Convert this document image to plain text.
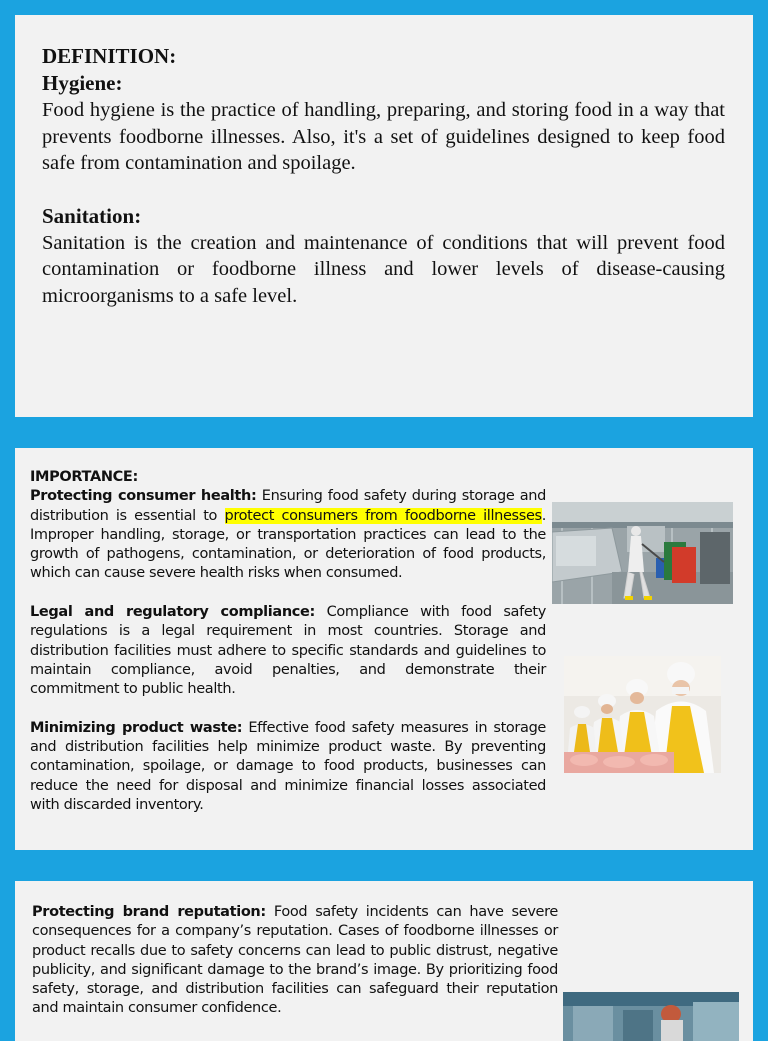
DEFINITION:
Hygiene:

Food hygiene is the practice of handling, preparing, and storing food in a way that prevents foodborne illnesses. Also, it's a set of guidelines designed to keep food safe from contamination and spoilage.

Sanitation:

Sanitation is the creation and maintenance of conditions that will prevent food contamination or foodborne illness and lower levels of disease-causing microorganisms to a safe level.

IMPORTANCE:

Protecting consumer health: Ensuring food safety during storage and distribution is essential to protect consumers from foodborne illnesses. Improper handling, storage, or transportation practices can lead to the growth of pathogens, contamination, or deterioration of food products, which can cause severe health risks when consumed.

Legal and regulatory compliance: Compliance with food safety regulations is a legal requirement in most countries. Storage and distribution facilities must adhere to specific standards and guidelines to maintain compliance, avoid penalties, and demonstrate their commitment to public health.

Minimizing product waste: Effective food safety measures in storage and distribution facilities help minimize product waste. By preventing contamination, spoilage, or damage to food products, businesses can reduce the need for disposal and minimize financial losses associated with discarded inventory.

Protecting brand reputation: Food safety incidents can have severe consequences for a company’s reputation. Cases of foodborne illnesses or product recalls due to safety concerns can lead to public distrust, negative publicity, and significant damage to the brand’s image. By prioritizing food safety, storage, and distribution facilities can safeguard their reputation and maintain consumer confidence.
